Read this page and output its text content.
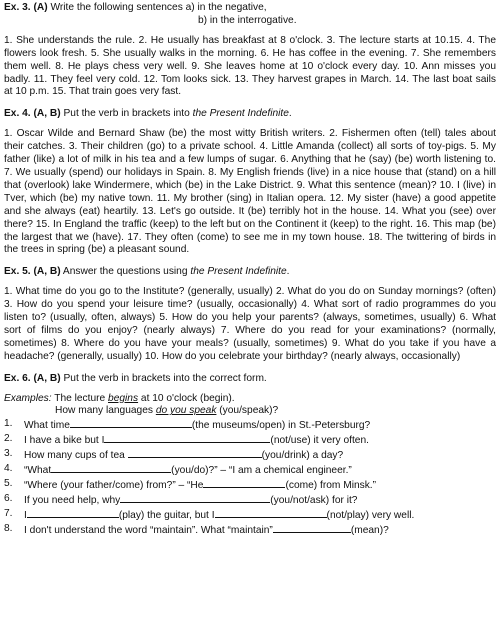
Ex. 3. (A) Write the following sentences a) in the negative,

b) in the interrogative.

1. She understands the rule. 2. He usually has breakfast at 8 o'clock. 3. The lecture starts at 10.15. 4. The flowers look fresh. 5. She usually walks in the morning. 6. He has coffee in the evening. 7. She remembers them well. 8. He plays chess very well. 9. She leaves home at 10 o'clock every day. 10. Ann misses you badly. 11. They feel very cold. 12. Tom looks sick. 13. They harvest grapes in March. 14. The last boat sails at 10 p.m. 15. That train goes very fast.

Ex. 4. (A, B) Put the verb in brackets into the Present Indefinite.

1. Oscar Wilde and Bernard Shaw (be) the most witty British writers. 2. Fishermen often (tell) tales about their catches. 3. Their children (go) to a private school. 4. Little Amanda (collect) all sorts of toy-pigs. 5. My father (like) a lot of milk in his tea and a few lumps of sugar. 6. Anything that he (say) (be) worth listening to. 7. We usually (spend) our holidays in Spain. 8. My English friends (live) in a nice house that (stand) on a hill that (overlook) lake Windermere, which (be) in the Lake District. 9. What this sentence (mean)? 10. I (live) in Tver, which (be) my native town. 11. My brother (sing) in Italian opera. 12. My sister (have) a good appetite and she always (eat) heartily. 13. Let's go outside. It (be) terribly hot in the house. 14. What you (see) over there? 15. In England the traffic (keep) to the left but on the Continent it (keep) to the right. 16. This map (be) the largest that we (have). 17. They often (come) to see me in my town house. 18. The twittering of birds in the trees in spring (be) a pleasant sound.

Ex. 5. (A, B) Answer the questions using the Present Indefinite.

1. What time do you go to the Institute? (generally, usually) 2. What do you do on Sunday mornings? (often) 3. How do you spend your leisure time? (usually, occasionally) 4. What sort of radio programmes do you listen to? (usually, often, always) 5. How do you help your parents? (always, sometimes, usually) 6. What sort of films do you enjoy? (nearly always) 7. Where do you read for your examinations? (normally, sometimes) 8. Where do you have your meals? (usually, sometimes) 9. What do you take if you have a headache? (generally, usually) 10. How do you celebrate your birthday? (nearly always, occasionally)

Ex. 6. (A, B) Put the verb in brackets into the correct form.

Examples: The lecture begins at 10 o'clock (begin).

How many languages do you speak (you/speak)?

1. What time	(the museums/open) in St.-Petersburg?
2. I have a bike but I	(not/use) it very often.
3. How many cups of tea	(you/drink) a day?
4. “What	(you/do)?” – “I am a chemical engineer.”
5. “Where (your father/come) from?” – “He	(come) from Minsk.”
6. If you need help, why	(you/not/ask) for it?
7. I	(play) the guitar, but I	(not/play) very well.
8. I don't understand the word “maintain”. What “maintain”	(mean)?
